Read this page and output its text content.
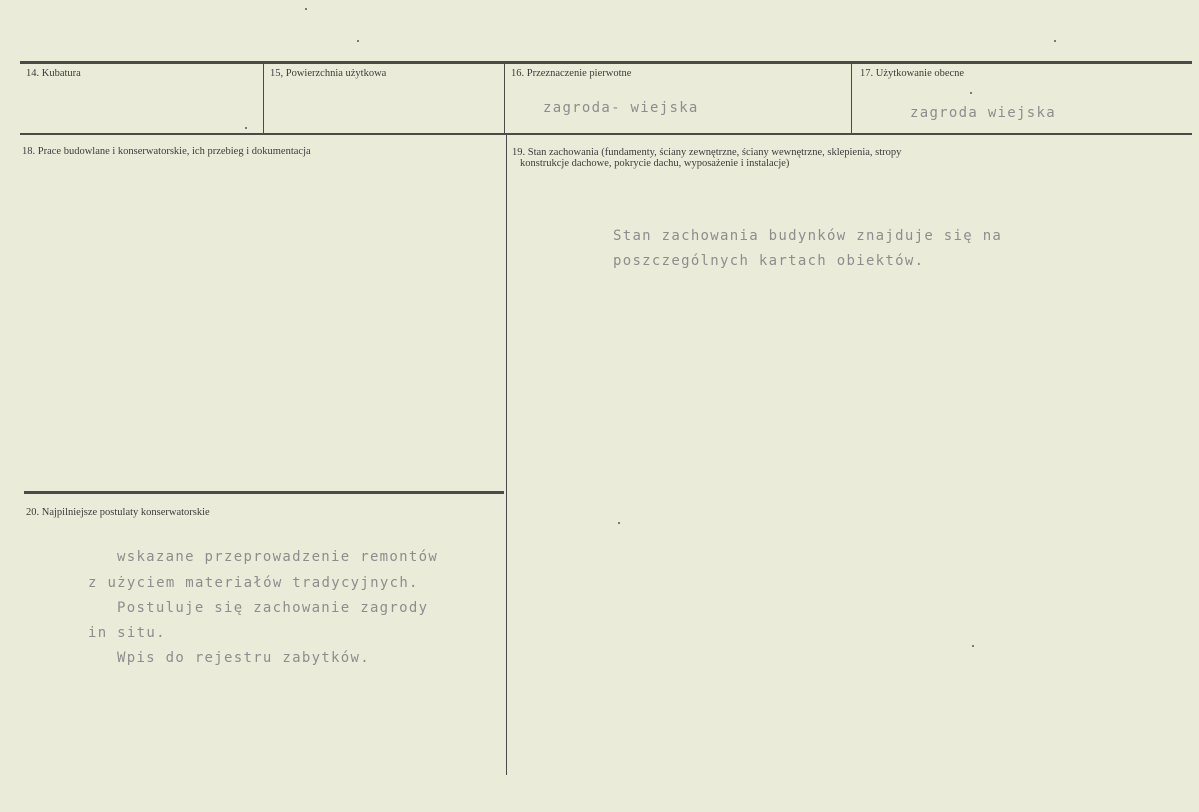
14. Kubatura	15, Powierzchnia użytkowa	16. Przeznaczenie pierwotne
zagroda- wiejska
17. Użytkowanie obecne
zagroda wiejska
18. Prace budowlane i konserwatorskie, ich przebieg i dokumentacja	19. Stan zachowania (fundamenty, ściany zewnętrzne, ściany wewnętrzne, sklepienia, stropy
konstrukcje dachowe, pokrycie dachu, wyposażenie i instalacje)
Stan zachowania budynków znajduje się na
poszczególnych kartach obiektów.
20. Najpilniejsze postulaty konserwatorskie
wskazane przeprowadzenie remontów
z użyciem materiałów tradycyjnych.
Postuluje się zachowanie zagrody
in situ.
Wpis do rejestru zabytków.
